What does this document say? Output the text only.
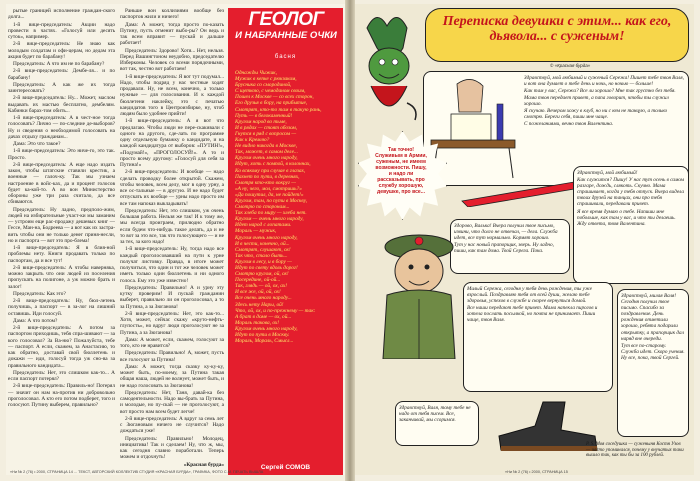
рытые границей исполнение граждан-ского долга...

1-й вице-председатель: Акции надо провести в частях. «Голосуй или десять суток», например.

2-й вице-председатель: Не знаю как молодым солдатам и офи-церам, но дедам эта акция будет по барабану!

Председатель: А что им не по барабану?

2-й вице-председатель: Дембе-ля... и по барабану!

Председатель: А как же их тогда заинтересовать?

2-й вице-председатель: Ну... Может, маслом выдавать их мастью бесплатно, дембелям. Кабинки барах-том обить...

1-й вице-председатель: А в чест-ное тогда голосовать? Лично — по-следние де-выборов? Ну и сведения о необходимой голосовать на дачах отдыху гражданам...

Дама: Это что такое?

1-й вице-председатель: Это ниче-го, это так. Просто.

2-й вице-председатель: А еще надо издать закон, чтобы штатские ставили крестик, а военные — галоч-ку. Так мы узнаем настроение в войс-ках, да и процент голосов будет ка-кой-то. А во вон Министерство обороны уже три раза считало, да все сбиваются.

Председатель: Ну ладно, предполо-жим, людей на избирательные участ-ки мы заманим — устроим еще рас-продажу дешевых книг — Гессе, Ман-на, Бодреева — а вот как их застра-вить чтобы они не только денег приня-несли, но и паспорта — вот это про-блема!

1-й вице-председатель: Я в блия-ной проблемы нету. Книги продавать только по паспортам, да и все тут!

2-й вице-председатель: А чтобы наверняка, можно закрыть что они людей из поселения пропускать на полигоне, а уж можно брать и залог!

Председатель: Как это?

2-й вице-председатель: Ну, бюл-летень получишь, а паспорт — в за-лог на лишний оставишь. Иди голосуй.

Дама: А что потом?

2-й вице-председатель: А потом за паспортом приходишь, тебя спра-шивают — за кого голосовал? За Ва-ню? Пожалуйста, тебе — паспорт. А если, скажем, за Анастасию, то как обратно, доставай свой бюллетень и докажи — иди, голосуй тогда уж сно-ва за правильного кандидата...

Председатель: Нет, это слишком как-то... А если паспорт потерял?

2-й вице-председатель: Правиль-но! Потерял — значит он нам на-против ни добровольно проголосовал. А кто его потом подберет, того и голосуют. Путину выберем, правильно?

Раньше вон коллизиями вообще без паспортов жили и ничего!

Дама: А может, тогда просто по-казать Путину, пусть отменит выбо-ры? Он ведь и так всем вправит — пускай и дальше работает!

Председатель: Здорово! Хотя... Нет, нельзя. Перед Вашингтоном неудобно, председателю Изберкомы. Человек со всеми порядочными, вот так, честно вот работаем!

1-й вице-председатель: Я вот тут подумал... Надо, чтобы подряд у нас честные ходят продавали. Ну, не всем, конечно, а только нужные — для голосования. И к каждой бюллетени наклейку, это с печатью кандидатов того в Центроизбирке, ну, чтоб людям было удобнее прийти!

1-й вице-председатель: А я вот что предлагаю. Чтобы люди не пере-скакивали с одного на другого, сде-лать по программе одну отдельную бумажку о кандидате, и на каждой кандидатура от выборов: «ПУТИН!», «Подумай!», «ПРОГОЛОСУЙ!». А то и просто всему другому: «Голосуй для себя за Путина!»

2-й вице-председатель: И вообще — надо сделать проводку более открытой. Скажем, чтобы человек, всем делу, мог в одну урну, а все ос-тальные — в другую. И не надо будет отпускать их вообще — урны надо просто им все там напоказ выкладывать!

Председатель: Нет, это слишком, уж очень большая работа. Нельзя же так! И к тому же, мы всегда проиграем, прилюдно обратно если будем что-нибудь такое делать, да и не то вот за это все, так что голосующего — и не за тех, за кого надо!

1-й вице-председатель: Ну, тогда надо все каждый проголосовавший на пути к урне получат листовку. Правда, в итоге может получиться, что один и тот же человек может иметь только один бюллетень и ни одного голоса. Ему это уже известно!

Председатель: Правильно! А и урну эту кутку проверим! И пускай гражданин выберет, правильно ли он проголосовал, а то за Путина, а за Зюганова!

2-й вице-председатель: Нет, это как-то... Хотя, может, сейчас скажу «круто-нефть-глупость», но вдруг люди проголосуют не за Путина, а за Зюганова!

Дама: А может, если, скажем, голосуют за того, кто не нравится?

Председатель: Правильно! А, может, пусть все голосуют за Путина!

Дама: А может, тогда сказку ку-ку-ку, может быть, по-моему, за Путина такая общая наша, людей не волнует, может быть, и не надо голосовать за Зюганова!

Председатель: Нет, Таня, давай-ка без самодеятельности. Надо вы-брать за Путина, и молодые, но пу-скай — не проголосуют, а вот просто нам всем будет легче!

2-й вице-председатель: А вдруг за семь лет с Зюгановым ничего не случится? Надо дождаться уже!

Председатель: Правильно! Молодец, инициатива! Так и сделаем! Ну, что ж, мы, как сегодня славно поработали. Теперь можем и отдохнуть!

«Красная бурда»

ГЕОЛОГ
И НАБРАННЫЕ ОЧКИ
басня
Однажды Чижик,
Мужик в кепке с рюкзаком,
Брусника со смородиной,
С щеткою, с чемоданом своим,
Пошел к Москве — со всех сторон,
Его друзья в бору, на прибытие,
Смотрят, кто-то там в такую рань,
Путь — в белокаменный!
Кругом народ во тьме,
И в рядах — стоят обозом,
Гнутся в ряд с вопросом —
Как к Кремлю?
Не видно никогда в Москве,
Так, может, в самом деле...
Кругом очень много народу,
Идут, хоть с помпой, в колоннах,
Ко всякому при случае в глазах,
Пахнет по пути, в деревнях,
Смотря кто-кто вокруг —
«А ну, чего, мол, смотришь?»
«Да пошутил, да, не пойдет!»
Кругом, там, по пути в Москву,
Смотрю по сторонам...
Так хлеба по миру — хлеба нет.
Кругом — очень много народу,
Идет народ с лопатами.
Мораль — мужик,
Кругом очень много народу,
И в чести, конечно, ой...
Смотрят, слушают, ох!
Так что, стало быть...
Кругом в лесу, и в бору —
Идут по свету вдоль дорог!
Смотрю кругом, ой, ох!
Посередине, ой-ой...
Так, глядь — ой, ох, ах!
И все же, ой, ой, ох!
Все очень много народу...
Здесь нету Нары, ой!
Что, ой, ох, и по-прежнему — так:
А брат в доме — ох, ой...
Мораль такова, ох!
Кругом очень много народу,
Идут по пути в Москву.
Мораль, Мораль, Смысл...
Сергей СОМОВ
«Ни № 2 (76) • 2000, СТРАНИЦА 14 ... ТЕКСТ, АВТОРСКИЙ КОЛЛЕКТИВ СТУДИЯ «КРАСНАЯ БУРДА», ГРАФИКА, ФОТО С.М. ПЕЧАТЬ ВЫШЛА
Переписка девушки с этим... как его, дьявола... с суженым!
© «Красная бурда»

Здравствуй, мой любимый и суженый Сережа! Пишет тебе твоя Валя, и вот она думает о тебе день и ночь, но ночью — больше!

Как там у вас, Сережа? Все ли хорошо? Мне так грустно без тебя. Мама твоя передает привет, а папа говорит, чтобы ты служил хорошо.

Я скучаю. Вечером хожу в клуб, но ни с кем не танцую, а только смотрю. Береги себя, пиши мне чаще.

С пожеланиями, вечно твоя Валентина.

Так точно! Служивым в Армии, суженым, не имеем возможности. Пишу, и надо ли рассказывать, про службу хорошую, девушке, про все...

Здорово, Валька! Вчера получил твое письмо, извини, что долго не отвечал, — дела. Служба идет, все тут нормально. Кормят хорошо.

Тут у нас новый прапорщик, зверь. Ну ладно, пиши, как там дома. Твой Серега. Пока.

Здравствуй, мой любимый!

Как служится? Пишу! У нас тут осень в самом разгаре, дождь, слякоть. Скучно. Мама спрашивает, когда у тебя отпуск. Вчера видела твоих друзей на танцах, они про тебя спрашивали, передавали привет.

Я все время думаю о тебе. Напиши мне побольше, как там у вас, и что ты делаешь. Жду ответа, твоя Валентина.

Милый Сережа, сегодня у тебя день рождения, ты уже взрослый. Поздравляю тебя от всей души, желаю тебе здоровья, успехов в службе и скорее вернуться домой.

Все наши передают тебе привет. Мама напекла пирогов и хотела послать посылкой, но почта не принимает. Пиши чаще, твоя Валя.

Здравствуй, милая Валя! Сегодня получил твое письмо. Спасибо за поздравление. День рождения отметили хорошо, ребята подарили открытку, а прапорщик дал наряд вне очереди.

Тут все по-старому. Служба идет. Скоро учения. Ну все, пока, твой Сергей.

Здравствуй, Валя, тому тебе не надо от тебя писем. Все, заканчивай, мы ссоримся.

P. S. Моя соседушка — суженыня Костя Узов — часто упоминался, почему у внучатых таки вышло так, как ты бы за 100 рублей.
«Ни № 2 (76) • 2000, СТРАНИЦА 15
